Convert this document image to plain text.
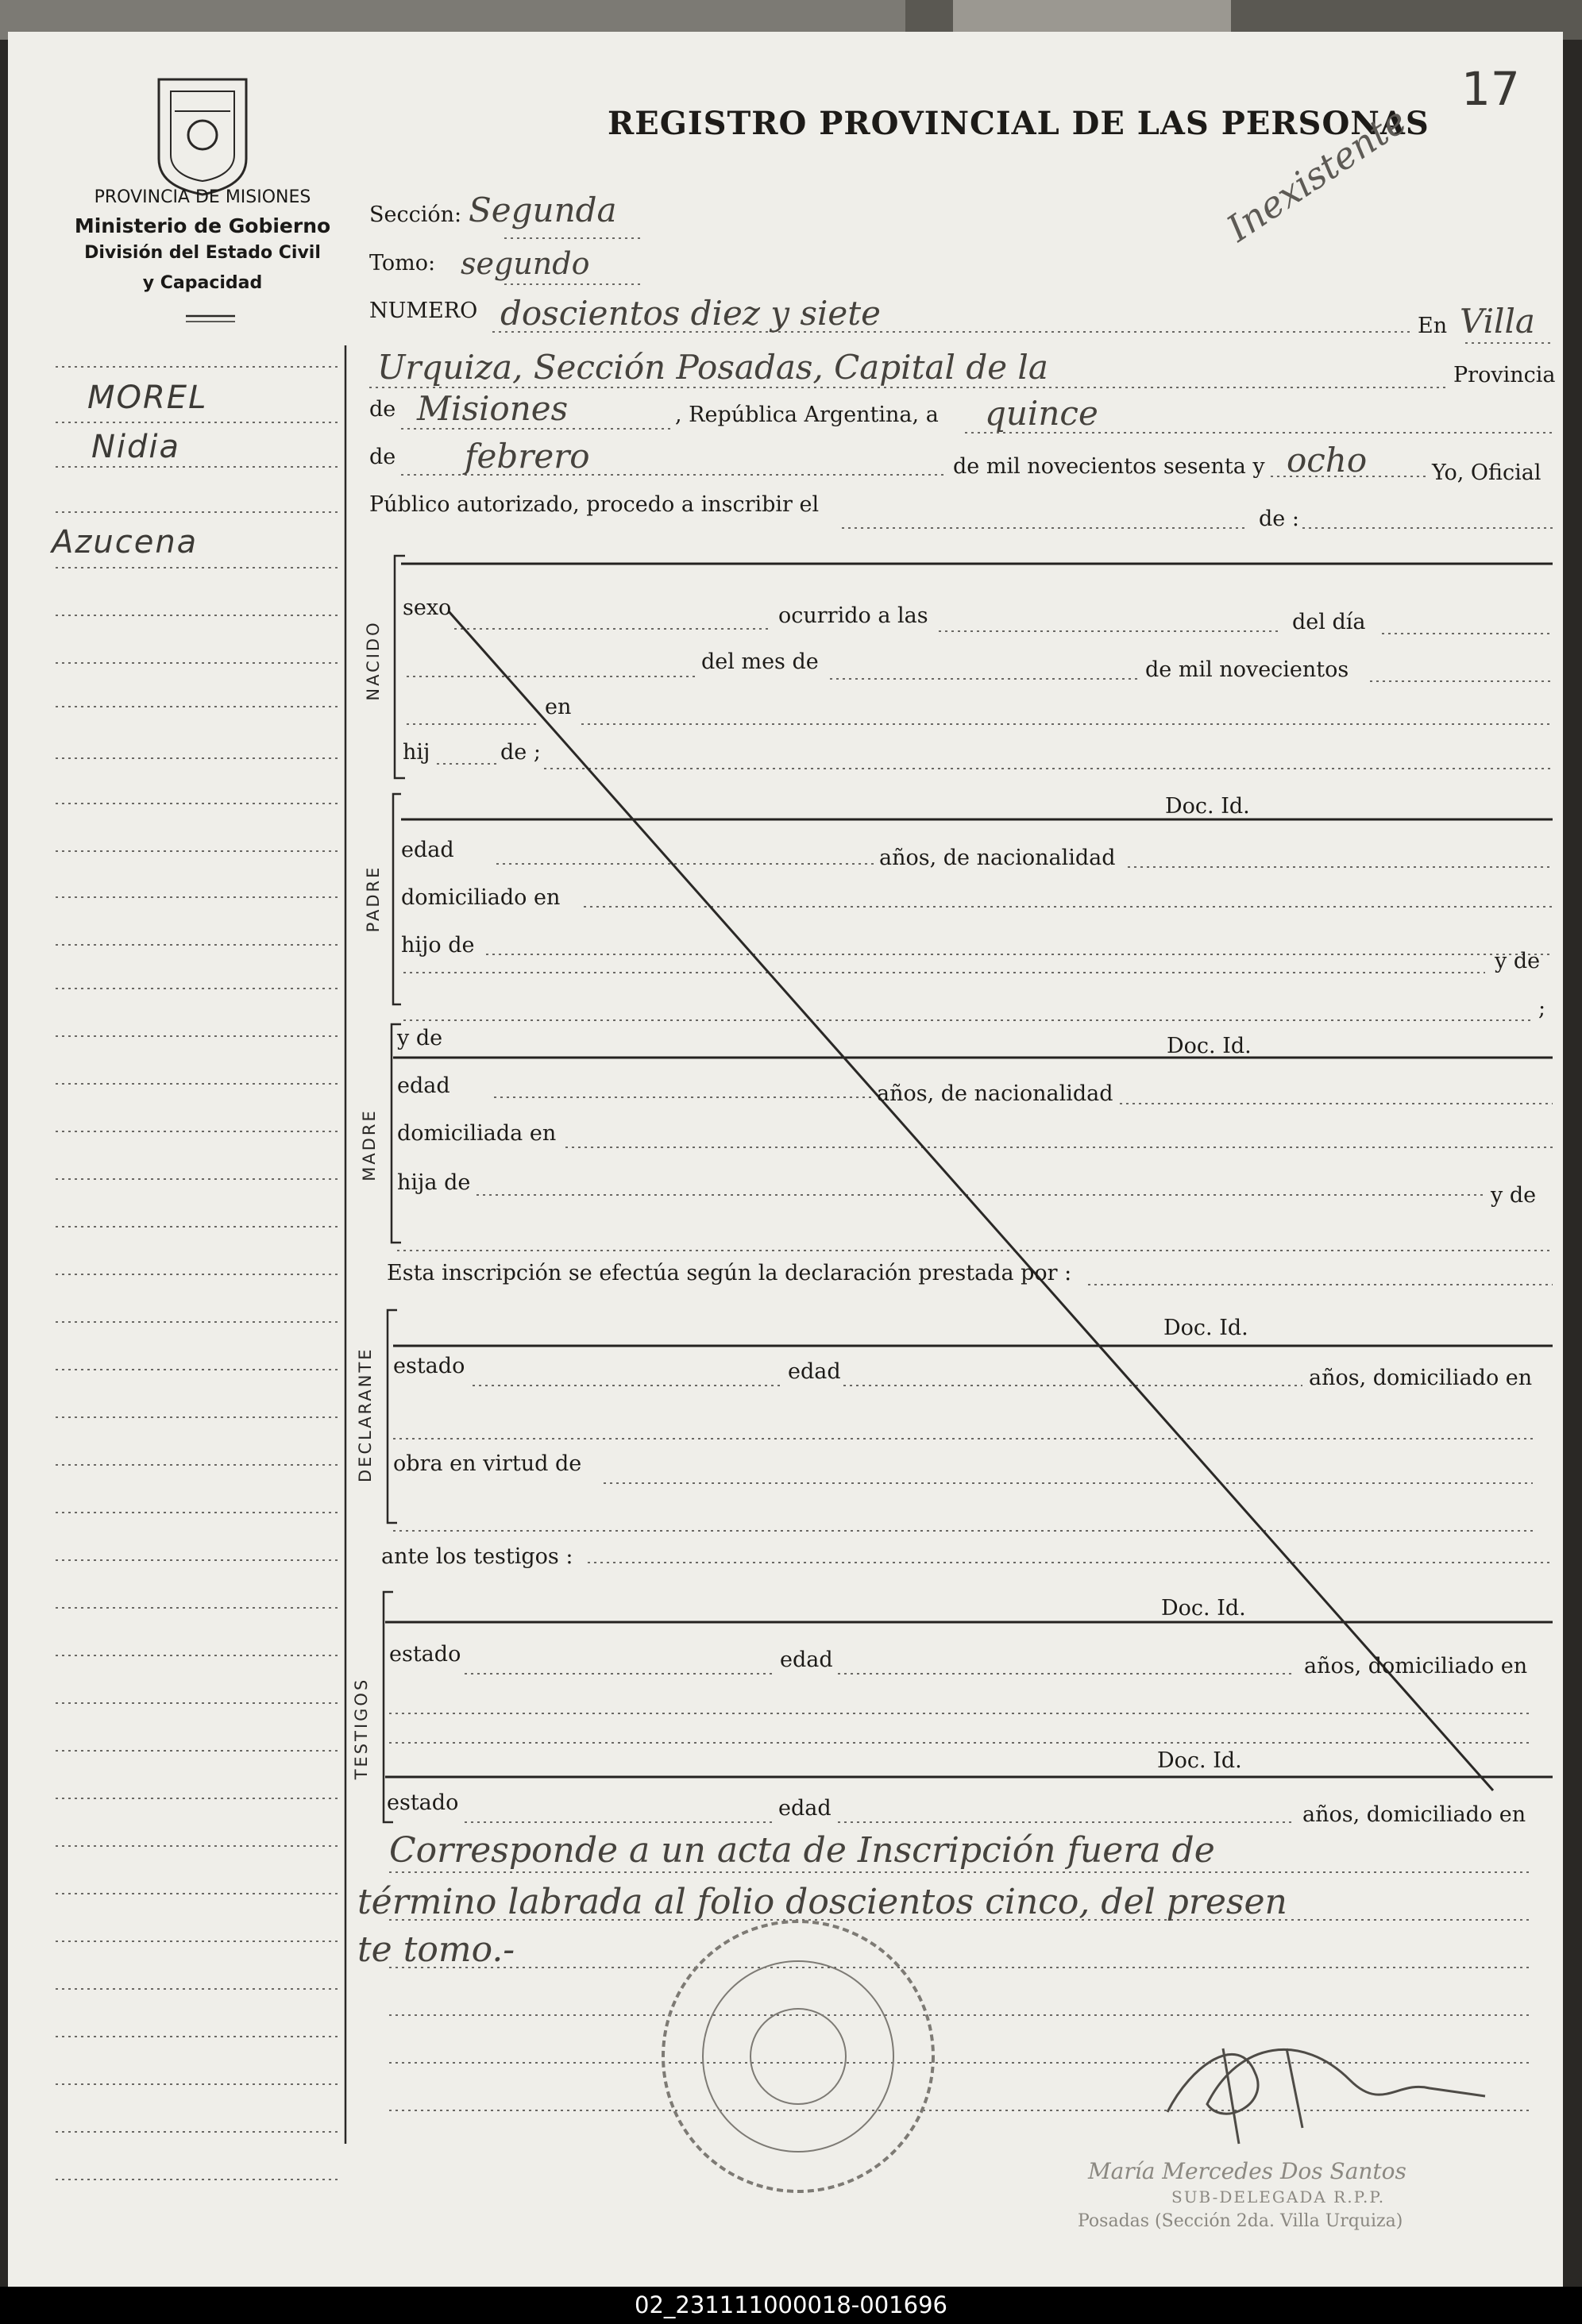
PROVINCIA DE MISIONES
Ministerio de Gobierno
División del Estado Civil
y Capacidad
REGISTRO PROVINCIAL DE LAS PERSONAS
17
Inexistente
MOREL
Nidia
Azucena
Sección: Segunda
Tomo: segundo
NUMERO doscientos diez y siete	En Villa
Urquiza, Sección Posadas, Capital de la	Provincia
de Misiones	, República Argentina, a quince
de febrero	de mil novecientos sesenta y ocho	Yo, Oficial
Público autorizado, procedo a inscribir el
de :
NACIDO
sexo	ocurrido a las	del día
del mes de	de mil novecientos
en
hij	de ;
PADRE
Doc. Id.
edad	años, de nacionalidad
domiciliado en
hijo de
y de
;
MADRE
y de	Doc. Id.
edad	años, de nacionalidad
domiciliada en
hija de
y de
Esta inscripción se efectúa según la declaración prestada por :
DECLARANTE
Doc. Id.
estado	edad	años, domiciliado en
obra en virtud de
ante los testigos :
TESTIGOS
Doc. Id.
estado	edad	años, domiciliado en
Doc. Id.
estado	edad	años, domiciliado en
Corresponde a un acta de Inscripción fuera de
término labrada al folio doscientos cinco, del presen
te tomo.-
María Mercedes Dos Santos
SUB-DELEGADA R.P.P.
Posadas (Sección 2da. Villa Urquiza)
02_231111000018-001696
